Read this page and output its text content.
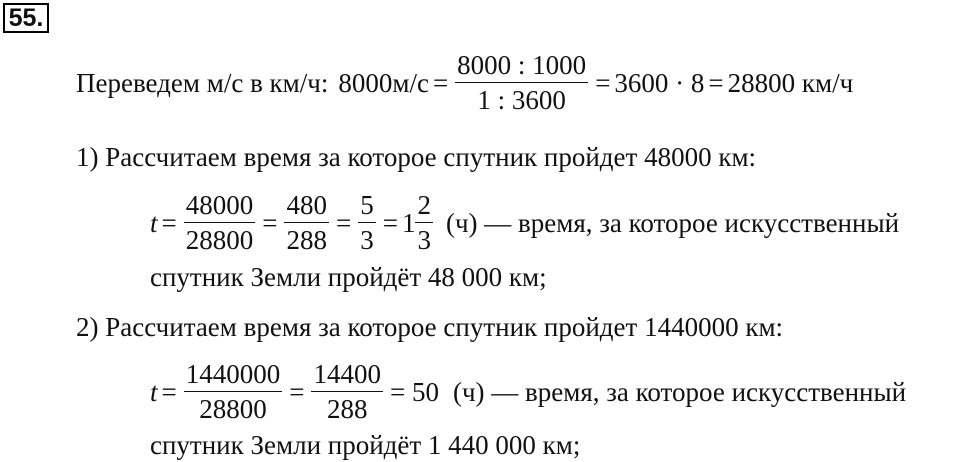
55.
Переведем м/с в км/ч: $8000м/с = \frac{8000 : 1000}{1 : 3600} = 3600 \cdot 8 = 28800$ км/ч
1) Рассчитаем время за которое спутник пройдет 48000 км:
$t = \frac{48000}{28800} = \frac{480}{288} = \frac{5}{3} = 1 \frac{2}{3} (ч)$ — время, за которое искусственный
спутник Земли пройдёт 48 000 км;
2) Рассчитаем время за которое спутник пройдет 1440000 км:
$t = \frac{1440000}{28800} = \frac{14400}{288} = 50$ (ч) — время, за которое искусственный
спутник Земли пройдёт 1 440 000 км;
